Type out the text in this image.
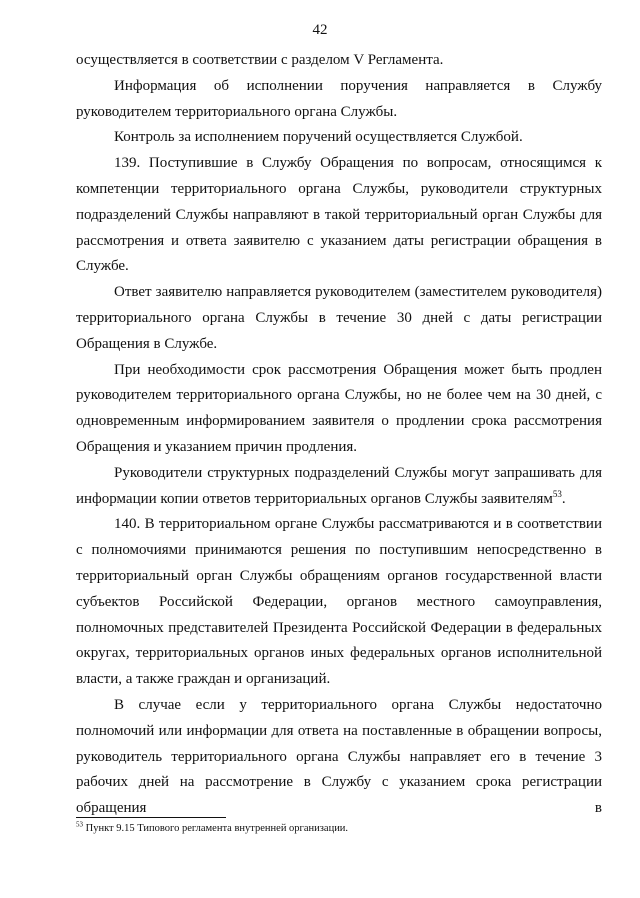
42

осуществляется в соответствии с разделом V Регламента.

Информация об исполнении поручения направляется в Службу руководителем территориального органа Службы.

Контроль за исполнением поручений осуществляется Службой.

139. Поступившие в Службу Обращения по вопросам, относящимся к компетенции территориального органа Службы, руководители структурных подразделений Службы направляют в такой территориальный орган Службы для рассмотрения и ответа заявителю с указанием даты регистрации обращения в Службе.

Ответ заявителю направляется руководителем (заместителем руководителя) территориального органа Службы в течение 30 дней с даты регистрации Обращения в Службе.

При необходимости срок рассмотрения Обращения может быть продлен руководителем территориального органа Службы, но не более чем на 30 дней, с одновременным информированием заявителя о продлении срока рассмотрения Обращения и указанием причин продления.

Руководители структурных подразделений Службы могут запрашивать для информации копии ответов территориальных органов Службы заявителям$^{53}$.

140. В территориальном органе Службы рассматриваются и в соответствии с полномочиями принимаются решения по поступившим непосредственно в территориальный орган Службы обращениям органов государственной власти субъектов Российской Федерации, органов местного самоуправления, полномочных представителей Президента Российской Федерации в федеральных округах, территориальных органов иных федеральных органов исполнительной власти, а также граждан и организаций.

В случае если у территориального органа Службы недостаточно полномочий или информации для ответа на поставленные в обращении вопросы, руководитель территориального органа Службы направляет его в течение 3 рабочих дней на рассмотрение в Службу с указанием срока регистрации обращения в

$^{53}$ Пункт 9.15 Типового регламента внутренней организации.
